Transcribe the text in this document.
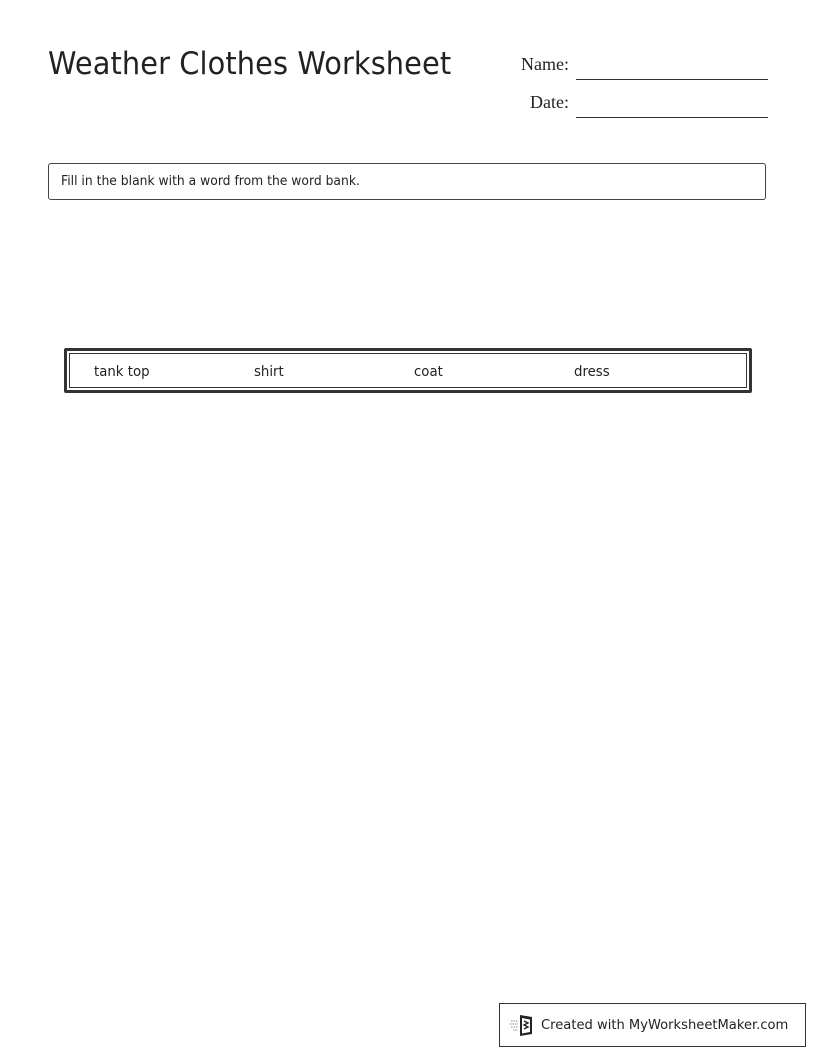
Weather Clothes Worksheet	Name:
Date:
Fill in the blank with a word from the word bank.
tank top	shirt	coat	dress
Created with MyWorksheetMaker.com
